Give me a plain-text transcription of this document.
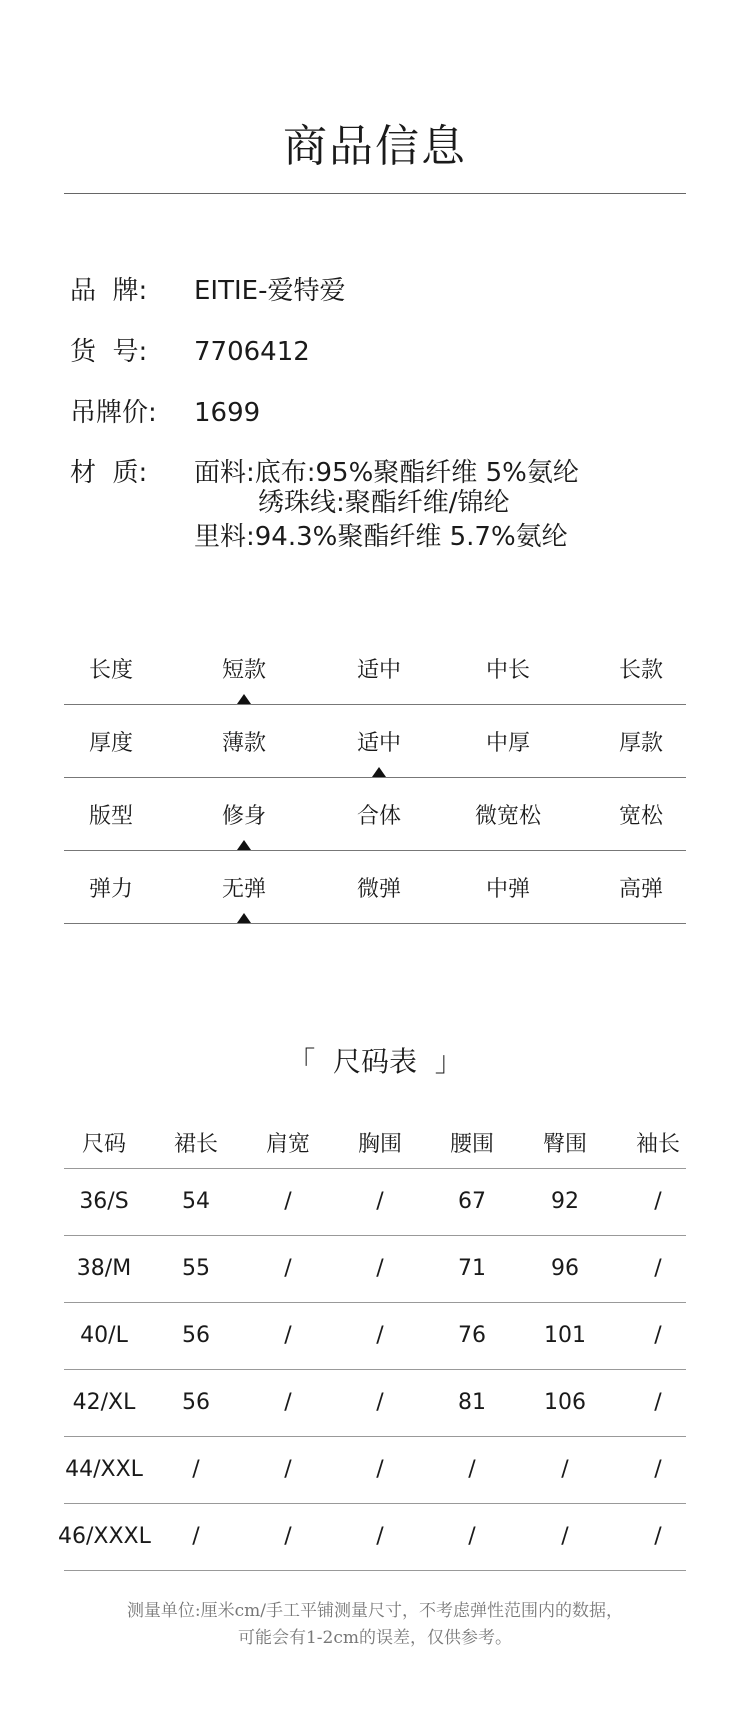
商品信息
品  牌:	EITIE-爱特爱
货  号:	7706412
吊牌价:	1699
材  质:	面料:底布:95%聚酯纤维 5%氨纶
绣珠线:聚酯纤维/锦纶
里料:94.3%聚酯纤维 5.7%氨纶
长度	短款	适中	中长	长款
厚度	薄款	适中	中厚	厚款
版型	修身	合体	微宽松	宽松
弹力	无弹	微弹	中弹	高弹
「  尺码表  」
尺码	裙长	肩宽	胸围	腰围	臀围	袖长
36/S	54	/	/	67	92	/
38/M	55	/	/	71	96	/
40/L	56	/	/	76	101	/
42/XL	56	/	/	81	106	/
44/XXL	/	/	/	/	/	/
46/XXXL	/	/	/	/	/	/
测量单位:厘米cm/手工平铺测量尺寸，不考虑弹性范围内的数据，
可能会有1-2cm的误差，仅供参考。
